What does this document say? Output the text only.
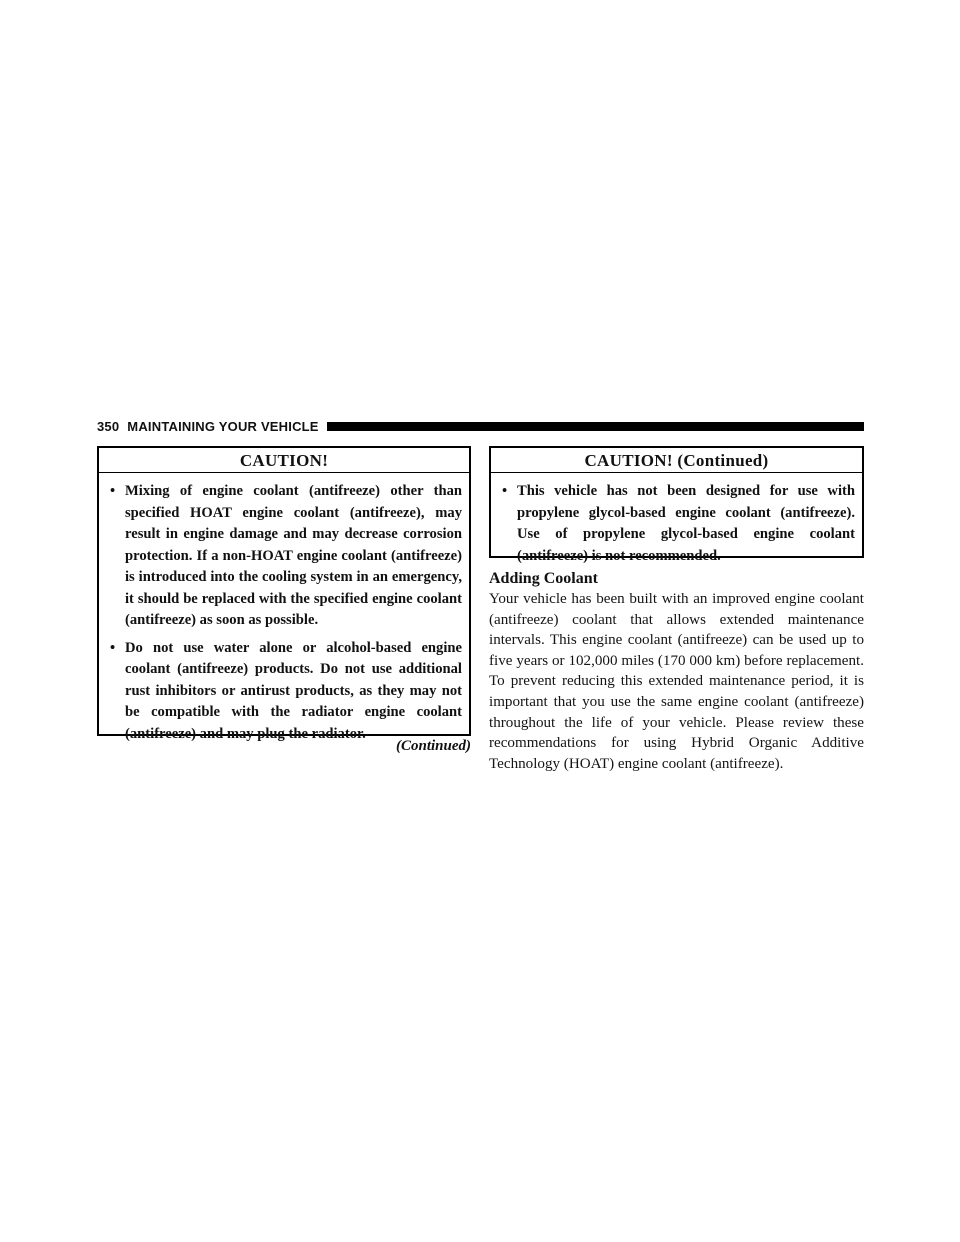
350 MAINTAINING YOUR VEHICLE
CAUTION!
• Mixing of engine coolant (antifreeze) other than specified HOAT engine coolant (antifreeze), may result in engine damage and may decrease corrosion protection. If a non-HOAT engine coolant (antifreeze) is introduced into the cooling system in an emergency, it should be replaced with the specified engine coolant (antifreeze) as soon as possible.
• Do not use water alone or alcohol-based engine coolant (antifreeze) products. Do not use additional rust inhibitors or antirust products, as they may not be compatible with the radiator engine coolant (antifreeze) and may plug the radiator.
(Continued)
CAUTION! (Continued)
• This vehicle has not been designed for use with propylene glycol-based engine coolant (antifreeze). Use of propylene glycol-based engine coolant (antifreeze) is not recommended.
Adding Coolant

Your vehicle has been built with an improved engine coolant (antifreeze) coolant that allows extended maintenance intervals. This engine coolant (antifreeze) can be used up to five years or 102,000 miles (170 000 km) before replacement. To prevent reducing this extended maintenance period, it is important that you use the same engine coolant (antifreeze) throughout the life of your vehicle. Please review these recommendations for using Hybrid Organic Additive Technology (HOAT) engine coolant (antifreeze).
